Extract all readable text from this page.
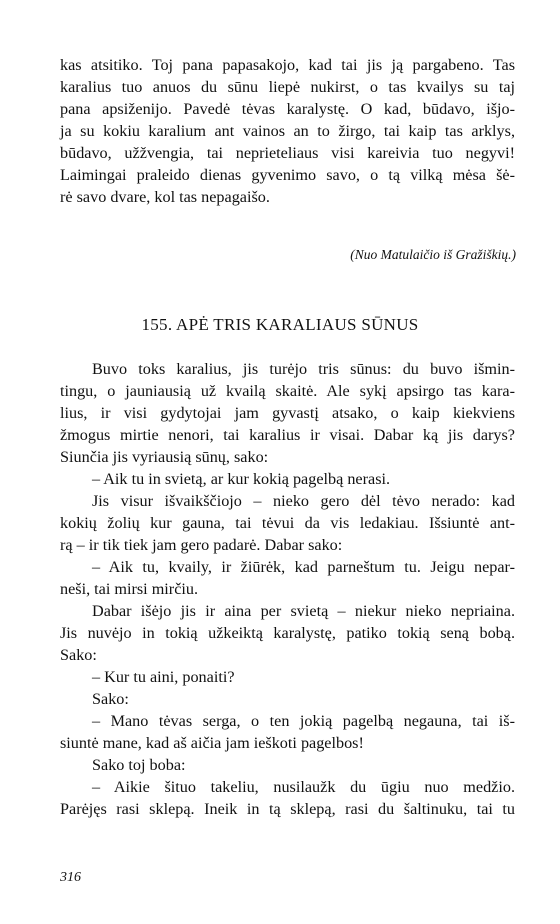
kas atsitiko. Toj pana papasakojo, kad tai jis ją pargabeno. Tas
karalius tuo anuos du sūnu liepė nukirst, o tas kvailys su taj
pana apsiženijo. Pavedė tėvas karalystę. O kad, būdavo, išjo-
ja su kokiu karalium ant vainos an to žirgo, tai kaip tas arklys,
būdavo, užžvengia, tai neprieteliaus visi kareivia tuo negyvi!
Laimingai praleido dienas gyvenimo savo, o tą vilką mėsa šė-
rė savo dvare, kol tas nepagaišo.
(Nuo Matulaičio iš Gražiškių.)
155. APĖ TRIS KARALIAUS SŪNUS
Buvo toks karalius, jis turėjo tris sūnus: du buvo išmin-
tingu, o jauniausią už kvailą skaitė. Ale sykį apsirgo tas kara-
lius, ir visi gydytojai jam gyvastį atsako, o kaip kiekviens
žmogus mirtie nenori, tai karalius ir visai. Dabar ką jis darys?
Siunčia jis vyriausią sūnų, sako:
– Aik tu in svietą, ar kur kokią pagelbą nerasi.
Jis visur išvaikščiojo – nieko gero dėl tėvo nerado: kad
kokių žolių kur gauna, tai tėvui da vis ledakiau. Išsiuntė ant-
rą – ir tik tiek jam gero padarė. Dabar sako:
– Aik tu, kvaily, ir žiūrėk, kad parneštum tu. Jeigu nepar-
neši, tai mirsi mirčiu.
Dabar išėjo jis ir aina per svietą – niekur nieko nepriaina.
Jis nuvėjo in tokią užkeiktą karalystę, patiko tokią seną bobą.
Sako:
– Kur tu aini, ponaiti?
Sako:
– Mano tėvas serga, o ten jokią pagelbą negauna, tai iš-
siuntė mane, kad aš aičia jam ieškoti pagelbos!
Sako toj boba:
– Aikie šituo takeliu, nusilaužk du ūgiu nuo medžio.
Parėjęs rasi sklepą. Ineik in tą sklepą, rasi du šaltinuku, tai tu
316
